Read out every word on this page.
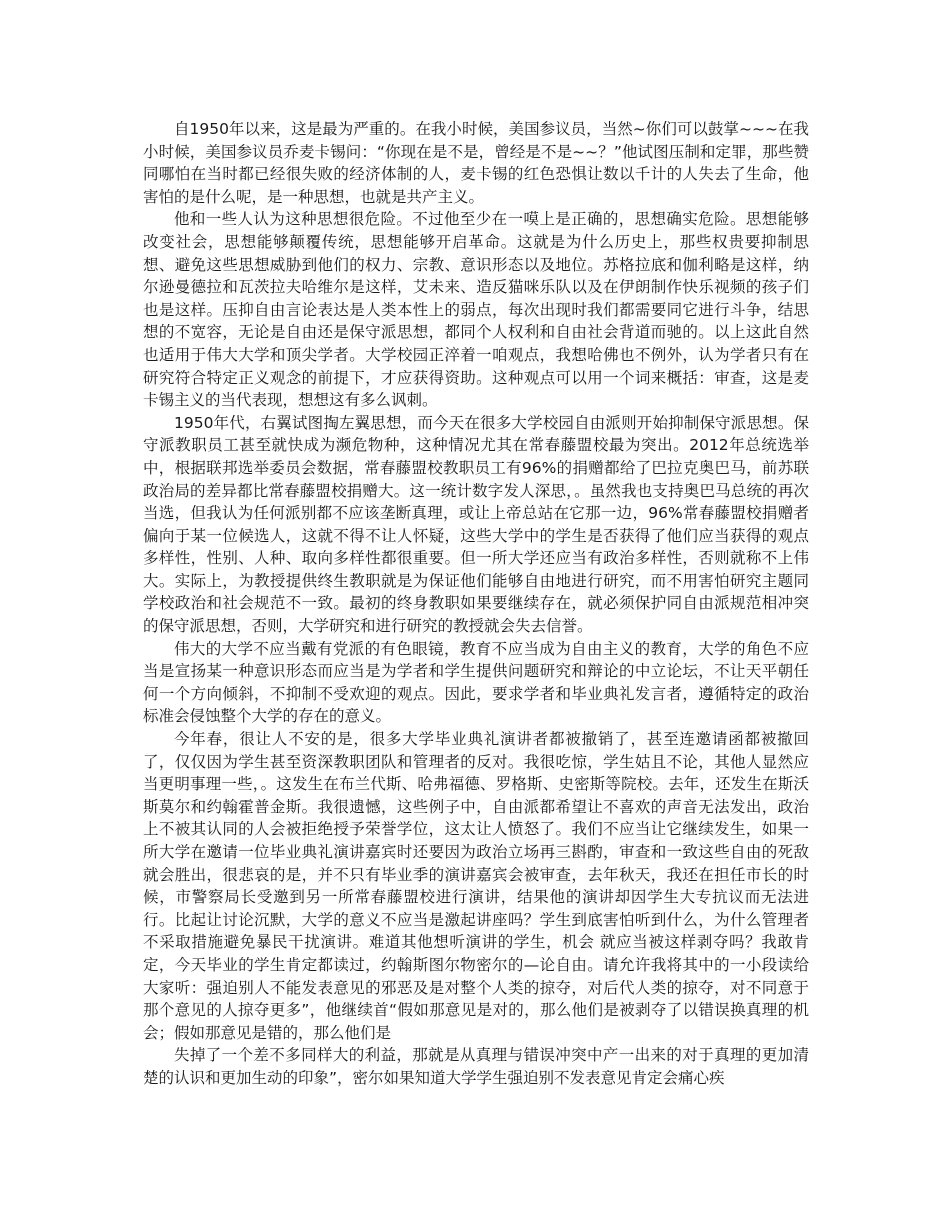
自1950年以来，这是最为严重的。在我小时候，美国参议员，当然~你们可以鼓掌~~~在我小时候，美国参议员乔麦卡锡问：“你现在是不是，曾经是不是~~？”他试图压制和定罪，那些赞同哪怕在当时都已经很失败的经济体制的人，麦卡锡的红色恐惧让数以千计的人失去了生命，他害怕的是什么呢，是一种思想，也就是共产主义。

他和一些人认为这种思想很危险。不过他至少在一嗼上是正确的，思想确实危险。思想能够改变社会，思想能够颠覆传统，思想能够开启革命。这就是为什么历史上，那些权贵要抑制思想、避免这些思想威胁到他们的权力、宗教、意识形态以及地位。苏格拉底和伽利略是这样，纳尔逊曼德拉和瓦茨拉夫哈维尔是这样，艾未来、造反猫咪乐队以及在伊朗制作快乐视频的孩子们也是这样。压抑自由言论表达是人类本性上的弱点，每次出现时我们都需要同它进行斗争，结思想的不宽容，无论是自由还是保守派思想，都同个人权利和自由社会背道而驰的。以上这此自然也适用于伟大大学和顶尖学者。大学校园正淬着一咱观点，我想哈佛也不例外，认为学者只有在研究符合特定正义观念的前提下，才应获得资助。这种观点可以用一个词来概括：审查，这是麦卡锡主义的当代表现，想想这有多么讽刺。

1950年代，右翼试图掏左翼思想，而今天在很多大学校园自由派则开始抑制保守派思想。保守派教职员工甚至就快成为濒危物种，这种情况尤其在常春藤盟校最为突出。2012年总统选举中，根据联邦选举委员会数据，常春藤盟校教职员工有96%的捐赠都给了巴拉克奥巴马，前苏联政治局的差异都比常春藤盟校捐赠大。这一统计数字发人深思，。虽然我也支持奥巴马总统的再次当选，但我认为任何派别都不应该垄断真理，或让上帝总站在它那一边，96%常春藤盟校捐赠者偏向于某一位候选人，这就不得不让人怀疑，这些大学中的学生是否获得了他们应当获得的观点多样性，性别、人种、取向多样性都很重要。但一所大学还应当有政治多样性，否则就称不上伟大。实际上，为教授提供终生教职就是为保证他们能够自由地进行研究，而不用害怕研究主题同学校政治和社会规范不一致。最初的终身教职如果要继续存在，就必须保护同自由派规范相冲突的保守派思想，否则，大学研究和进行研究的教授就会失去信誉。

伟大的大学不应当戴有党派的有色眼镜，教育不应当成为自由主义的教育，大学的角色不应当是宣扬某一种意识形态而应当是为学者和学生提供问题研究和辩论的中立论坛，不让天平朝任何一个方向倾斜，不抑制不受欢迎的观点。因此，要求学者和毕业典礼发言者，遵循特定的政治标准会侵蚀整个大学的存在的意义。

今年春，很让人不安的是，很多大学毕业典礼演讲者都被撤销了，甚至连邀请函都被撤回了，仅仅因为学生甚至资深教职团队和管理者的反对。我很吃惊，学生姑且不论，其他人显然应当更明事理一些，。这发生在布兰代斯、哈弗福德、罗格斯、史密斯等院校。去年，还发生在斯沃斯莫尔和约翰霍普金斯。我很遗憾，这些例子中，自由派都希望让不喜欢的声音无法发出，政治上不被其认同的人会被拒绝授予荣誉学位，这太让人愤怒了。我们不应当让它继续发生，如果一所大学在邀请一位毕业典礼演讲嘉宾时还要因为政治立场再三斟酌，审查和一致这些自由的死敌就会胜出，很悲哀的是，并不只有毕业季的演讲嘉宾会被审查，去年秋天，我还在担任市长的时候，市警察局长受邀到另一所常春藤盟校进行演讲，结果他的演讲却因学生大专抗议而无法进行。比起让讨论沉默，大学的意义不应当是激起讲座吗？学生到底害怕听到什么，为什么管理者不采取措施避免暴民干扰演讲。难道其他想听演讲的学生，机会 就应当被这样剥夺吗？我敢肯定，今天毕业的学生肯定都读过，约翰斯图尔物密尔的—论自由。请允许我将其中的一小段读给大家听：强迫别人不能发表意见的邪恶及是对整个人类的掠夺，对后代人类的掠夺，对不同意于那个意见的人掠夺更多”，他继续首“假如那意见是对的，那么他们是被剥夺了以错误换真理的机会；假如那意见是错的，那么他们是

失掉了一个差不多同样大的利益，那就是从真理与错误冲突中产一出来的对于真理的更加清楚的认识和更加生动的印象”，密尔如果知道大学学生强迫别不发表意见肯定会痛心疾
